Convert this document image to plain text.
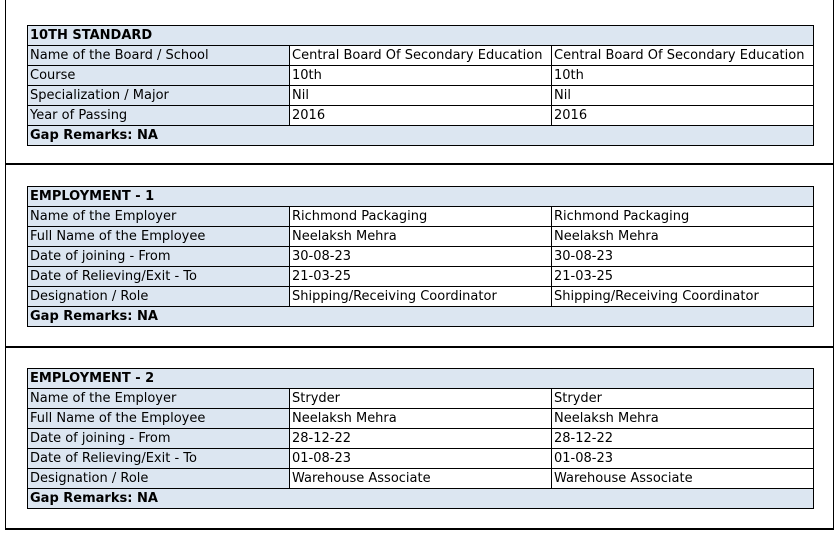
10TH STANDARD		
Name of the Board / School	Central Board Of Secondary Education	Central Board Of Secondary Education
Course	10th	10th
Specialization / Major	Nil	Nil
Year of Passing	2016	2016
Gap Remarks: NA		
EMPLOYMENT - 1		
Name of the Employer	Richmond Packaging	Richmond Packaging
Full Name of the Employee	Neelaksh Mehra	Neelaksh Mehra
Date of joining - From	30-08-23	30-08-23
Date of Relieving/Exit - To	21-03-25	21-03-25
Designation / Role	Shipping/Receiving Coordinator	Shipping/Receiving Coordinator
Gap Remarks: NA		
EMPLOYMENT - 2		
Name of the Employer	Stryder	Stryder
Full Name of the Employee	Neelaksh Mehra	Neelaksh Mehra
Date of joining - From	28-12-22	28-12-22
Date of Relieving/Exit - To	01-08-23	01-08-23
Designation / Role	Warehouse Associate	Warehouse Associate
Gap Remarks: NA		
